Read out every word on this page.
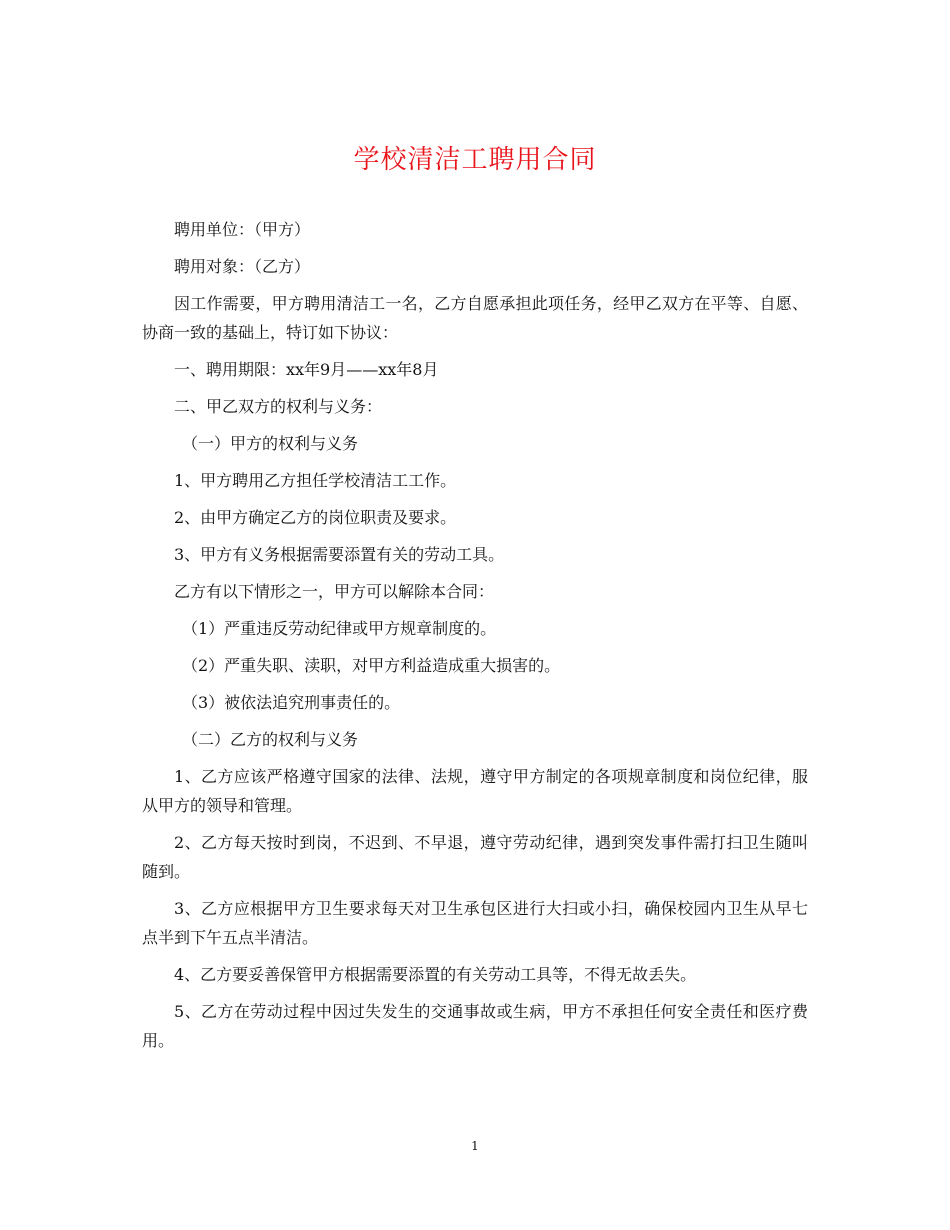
学校清洁工聘用合同

聘用单位：（甲方）

聘用对象：（乙方）

因工作需要，甲方聘用清洁工一名，乙方自愿承担此项任务，经甲乙双方在平等、自愿、协商一致的基础上，特订如下协议：

一、聘用期限：xx年9月——xx年8月

二、甲乙双方的权利与义务：

（一）甲方的权利与义务

1、甲方聘用乙方担任学校清洁工工作。

2、由甲方确定乙方的岗位职责及要求。

3、甲方有义务根据需要添置有关的劳动工具。

乙方有以下情形之一，甲方可以解除本合同：

（1）严重违反劳动纪律或甲方规章制度的。

（2）严重失职、渎职，对甲方利益造成重大损害的。

（3）被依法追究刑事责任的。

（二）乙方的权利与义务

1、乙方应该严格遵守国家的法律、法规，遵守甲方制定的各项规章制度和岗位纪律，服从甲方的领导和管理。

2、乙方每天按时到岗，不迟到、不早退，遵守劳动纪律，遇到突发事件需打扫卫生随叫随到。

3、乙方应根据甲方卫生要求每天对卫生承包区进行大扫或小扫，确保校园内卫生从早七点半到下午五点半清洁。

4、乙方要妥善保管甲方根据需要添置的有关劳动工具等，不得无故丢失。

5、乙方在劳动过程中因过失发生的交通事故或生病，甲方不承担任何安全责任和医疗费用。

1
